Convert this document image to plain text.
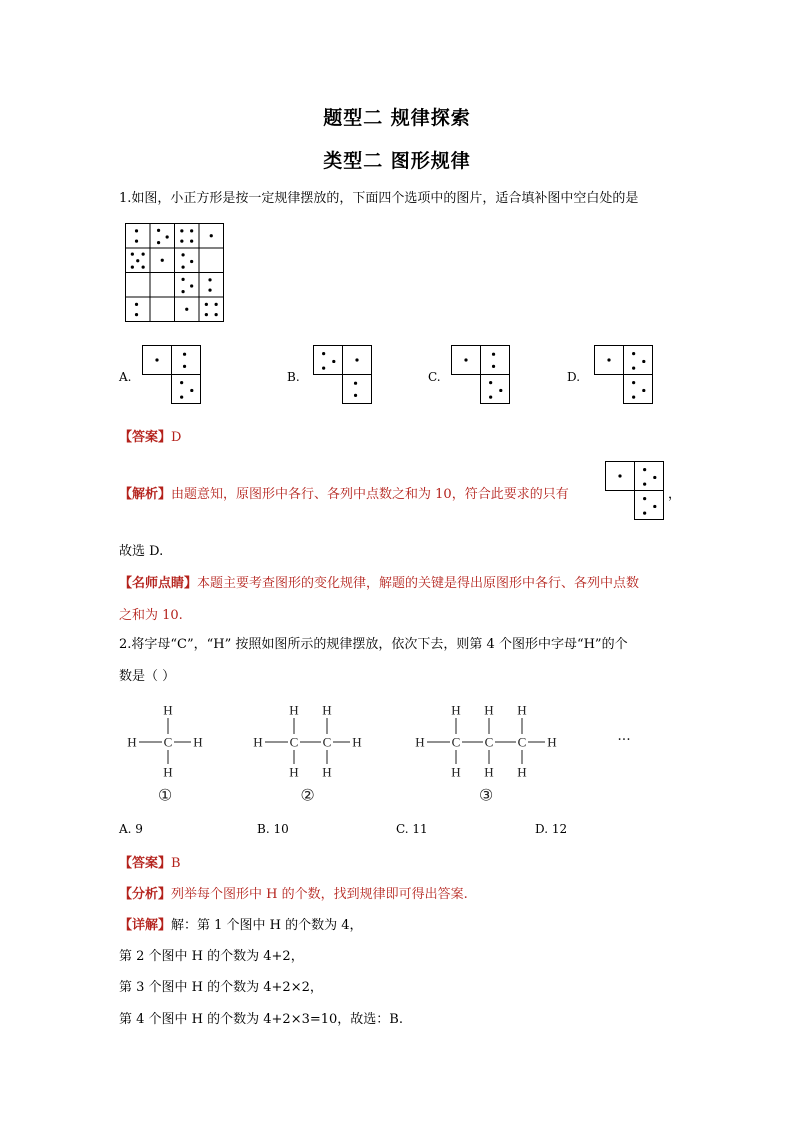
题型二 规律探索
类型二 图形规律
1.如图，小正方形是按一定规律摆放的，下面四个选项中的图片，适合填补图中空白处的是
A.	B.	C.	D.
【答案】D
【解析】由题意知，原图形中各行、各列中点数之和为 10，符合此要求的只有	，
故选 D.
【名师点睛】本题主要考查图形的变化规律，解题的关键是得出原图形中各行、各列中点数
之和为 10.
2.将字母“C”，“H” 按照如图所示的规律摆放，依次下去，则第 4 个图形中字母“H”的个
数是（ ）
H C
H
H
H
①
H C
H
H
C
H
H
H
②
H C
H
H
C
H
H
C
H
H
H
③
···
A. 9	B. 10	C. 11	D. 12
【答案】B
【分析】列举每个图形中 H 的个数，找到规律即可得出答案.
【详解】解：第 1 个图中 H 的个数为 4，
第 2 个图中 H 的个数为 4+2，
第 3 个图中 H 的个数为 4+2×2，
第 4 个图中 H 的个数为 4+2×3=10，故选：B.
